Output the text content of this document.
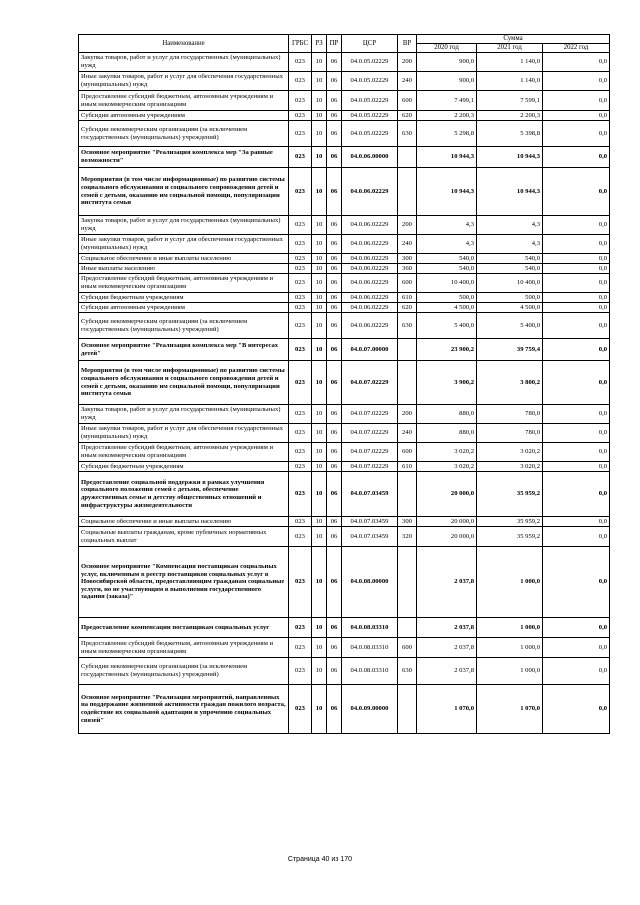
Наименование	ГРБС	РЗ	ПР	ЦСР	ВР	Сумма		
						2020 год	2021 год	2022 год
Закупка товаров, работ и услуг для государственных (муниципальных) нужд	023	10	06	04.0.05.02229	200	900,0	1 140,0	0,0
Иные закупки товаров, работ и услуг для обеспечения государственных (муниципальных) нужд	023	10	06	04.0.05.02229	240	900,0	1 140,0	0,0
Предоставление субсидий бюджетным, автономным учреждениям и иным некоммерческим организациям	023	10	06	04.0.05.02229	600	7 499,1	7 599,1	0,0
Субсидии автономным учреждениям	023	10	06	04.0.05.02229	620	2 200,3	2 200,3	0,0
Субсидии некоммерческим организациям (за исключением государственных (муниципальных) учреждений)	023	10	06	04.0.05.02229	630	5 298,8	5 398,8	0,0
Основное мероприятие "Реализация комплекса мер "За равные возможности"	023	10	06	04.0.06.00000		10 944,3	10 944,3	0,0
Мероприятия (в том числе информационные) по развитию системы социального обслуживания и социального сопровождения детей и семей с детьми, оказанию им социальной помощи, популяризации института семьи	023	10	06	04.0.06.02229		10 944,3	10 944,3	0,0
Закупка товаров, работ и услуг для государственных (муниципальных) нужд	023	10	06	04.0.06.02229	200	4,3	4,3	0,0
Иные закупки товаров, работ и услуг для обеспечения государственных (муниципальных) нужд	023	10	06	04.0.06.02229	240	4,3	4,3	0,0
Социальное обеспечение и иные выплаты населению	023	10	06	04.0.06.02229	300	540,0	540,0	0,0
Иные выплаты населению	023	10	06	04.0.06.02229	360	540,0	540,0	0,0
Предоставление субсидий бюджетным, автономным учреждениям и иным некоммерческим организациям	023	10	06	04.0.06.02229	600	10 400,0	10 400,0	0,0
Субсидии бюджетным учреждениям	023	10	06	04.0.06.02229	610	500,0	500,0	0,0
Субсидии автономным учреждениям	023	10	06	04.0.06.02229	620	4 500,0	4 500,0	0,0
Субсидии некоммерческим организациям (за исключением государственных (муниципальных) учреждений)	023	10	06	04.0.06.02229	630	5 400,0	5 400,0	0,0
Основное мероприятие "Реализация комплекса мер "В интересах детей"	023	10	06	04.0.07.00000		23 900,2	39 759,4	0,0
Мероприятия (в том числе информационные) по развитию системы социального обслуживания и социального сопровождения детей и семей с детьми, оказанию им социальной помощи, популяризации института семьи	023	10	06	04.0.07.02229		3 900,2	3 800,2	0,0
Закупка товаров, работ и услуг для государственных (муниципальных) нужд	023	10	06	04.0.07.02229	200	880,0	780,0	0,0
Иные закупки товаров, работ и услуг для обеспечения государственных (муниципальных) нужд	023	10	06	04.0.07.02229	240	880,0	780,0	0,0
Предоставление субсидий бюджетным, автономным учреждениям и иным некоммерческим организациям	023	10	06	04.0.07.02229	600	3 020,2	3 020,2	0,0
Субсидии бюджетным учреждениям	023	10	06	04.0.07.02229	610	3 020,2	3 020,2	0,0
Предоставление социальной поддержки в рамках улучшения социального положения семей с детьми, обеспечение дружественных семье и детству общественных отношений и инфраструктуры жизнедеятельности	023	10	06	04.0.07.03459		20 000,0	35 959,2	0,0
Социальное обеспечение и иные выплаты населению	023	10	06	04.0.07.03459	300	20 000,0	35 959,2	0,0
Социальные выплаты гражданам, кроме публичных нормативных социальных выплат	023	10	06	04.0.07.03459	320	20 000,0	35 959,2	0,0
Основное мероприятие "Компенсация поставщикам социальных услуг, включенным в реестр поставщиков социальных услуг в Новосибирской области, предоставляющим гражданам социальные услуги, но не участвующим в выполнении государственного задания (заказа)"	023	10	06	04.0.08.00000		2 037,8	1 000,0	0,0
Предоставление компенсации поставщикам социальных услуг	023	10	06	04.0.08.03310		2 037,8	1 000,0	0,0
Предоставление субсидий бюджетным, автономным учреждениям и иным некоммерческим организациям	023	10	06	04.0.08.03310	600	2 037,8	1 000,0	0,0
Субсидии некоммерческим организациям (за исключением государственных (муниципальных) учреждений)	023	10	06	04.0.08.03310	630	2 037,8	1 000,0	0,0
Основное мероприятие "Реализация мероприятий, направленных на поддержание жизненной активности граждан пожилого возраста, содействие их социальной адаптации и упрочению социальных связей"	023	10	06	04.0.09.00000		1 070,0	1 070,0	0,0
Страница 40 из 170
